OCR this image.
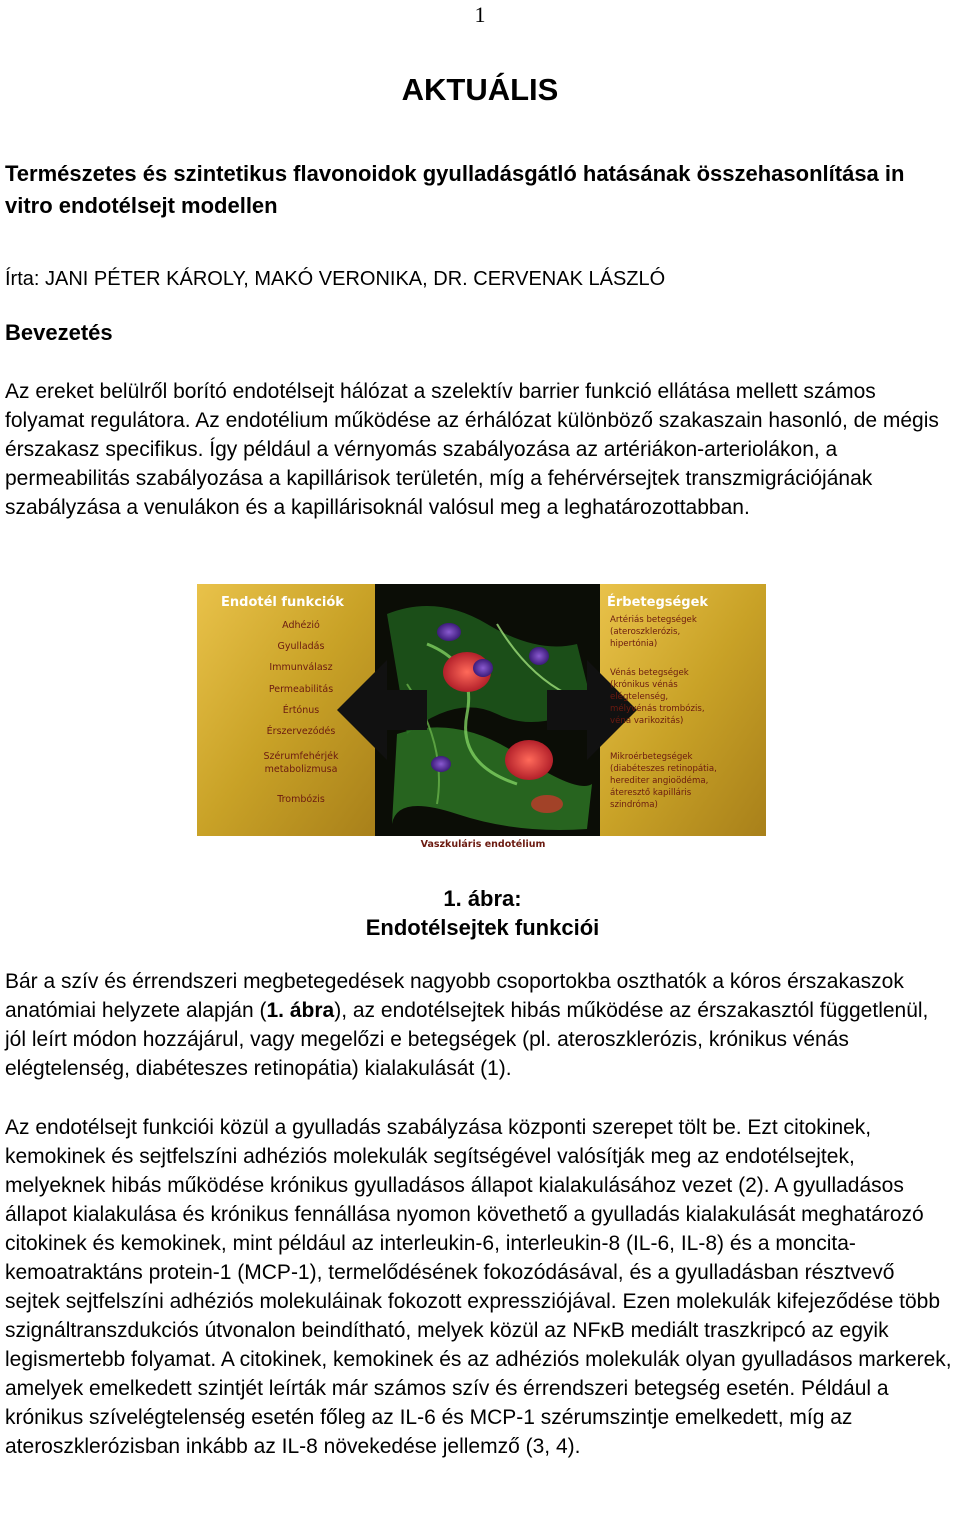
1
AKTUÁLIS
Természetes és szintetikus flavonoidok gyulladásgátló hatásának összehasonlítása in vitro endotélsejt modellen
Írta: JANI PÉTER KÁROLY, MAKÓ VERONIKA, DR. CERVENAK LÁSZLÓ
Bevezetés

Az ereket belülről borító endotélsejt hálózat a szelektív barrier funkció ellátása mellett számos folyamat regulátora. Az endotélium működése az érhálózat különböző szakaszain hasonló, de mégis érszakasz specifikus. Így például a vérnyomás szabályozása az artériákon-arteriolákon, a permeabilitás szabályozása a kapillárisok területén, míg a fehérvérsejtek transzmigrációjának szabályzása a venulákon és a kapillárisoknál valósul meg a leghatározottabban.

Endotél funkciók
Adhézió
Gyulladás
Immunválasz
Permeabilitás
Értónus
Érszervezódés
Szérumfehérjék
metabolizmusa
Trombózis
Érbetegségek
Artériás betegségek
(ateroszklerózis,
hipertónia)
Vénás betegségek
(krónikus vénás
elégtelenség,
mélyvénás trombózis,
véna varikozitás)
Mikroérbetegségek
(diabéteszes retinopátia,
herediter angioödéma,
áteresztő kapilláris
szindróma)
Vaszkuláris endotélium
1. ábra:
Endotélsejtek funkciói

Bár a szív és érrendszeri megbetegedések nagyobb csoportokba oszthatók a kóros érszakaszok anatómiai helyzete alapján (1. ábra), az endotélsejtek hibás működése az érszakasztól függetlenül, jól leírt módon hozzájárul, vagy megelőzi e betegségek (pl. ateroszklerózis, krónikus vénás elégtelenség, diabéteszes retinopátia) kialakulását (1).

Az endotélsejt funkciói közül a gyulladás szabályzása központi szerepet tölt be. Ezt citokinek, kemokinek és sejtfelszíni adhéziós molekulák segítségével valósítják meg az endotélsejtek, melyeknek hibás működése krónikus gyulladásos állapot kialakulásához vezet (2). A gyulladásos állapot kialakulása és krónikus fennállása nyomon követhető a gyulladás kialakulását meghatározó citokinek és kemokinek, mint például az interleukin-6, interleukin-8 (IL-6, IL-8) és a moncita-kemoatraktáns protein-1 (MCP-1), termelődésének fokozódásával, és a gyulladásban résztvevő sejtek sejtfelszíni adhéziós molekuláinak fokozott expressziójával. Ezen molekulák kifejeződése több szignáltranszdukciós útvonalon beindítható, melyek közül az NFκB mediált traszkripcó az egyik legismertebb folyamat. A citokinek, kemokinek és az adhéziós molekulák olyan gyulladásos markerek, amelyek emelkedett szintjét leírták már számos szív és érrendszeri betegség esetén. Például a krónikus szívelégtelenség esetén főleg az IL-6 és MCP-1 szérumszintje emelkedett, míg az ateroszklerózisban inkább az IL-8 növekedése jellemző (3, 4).
